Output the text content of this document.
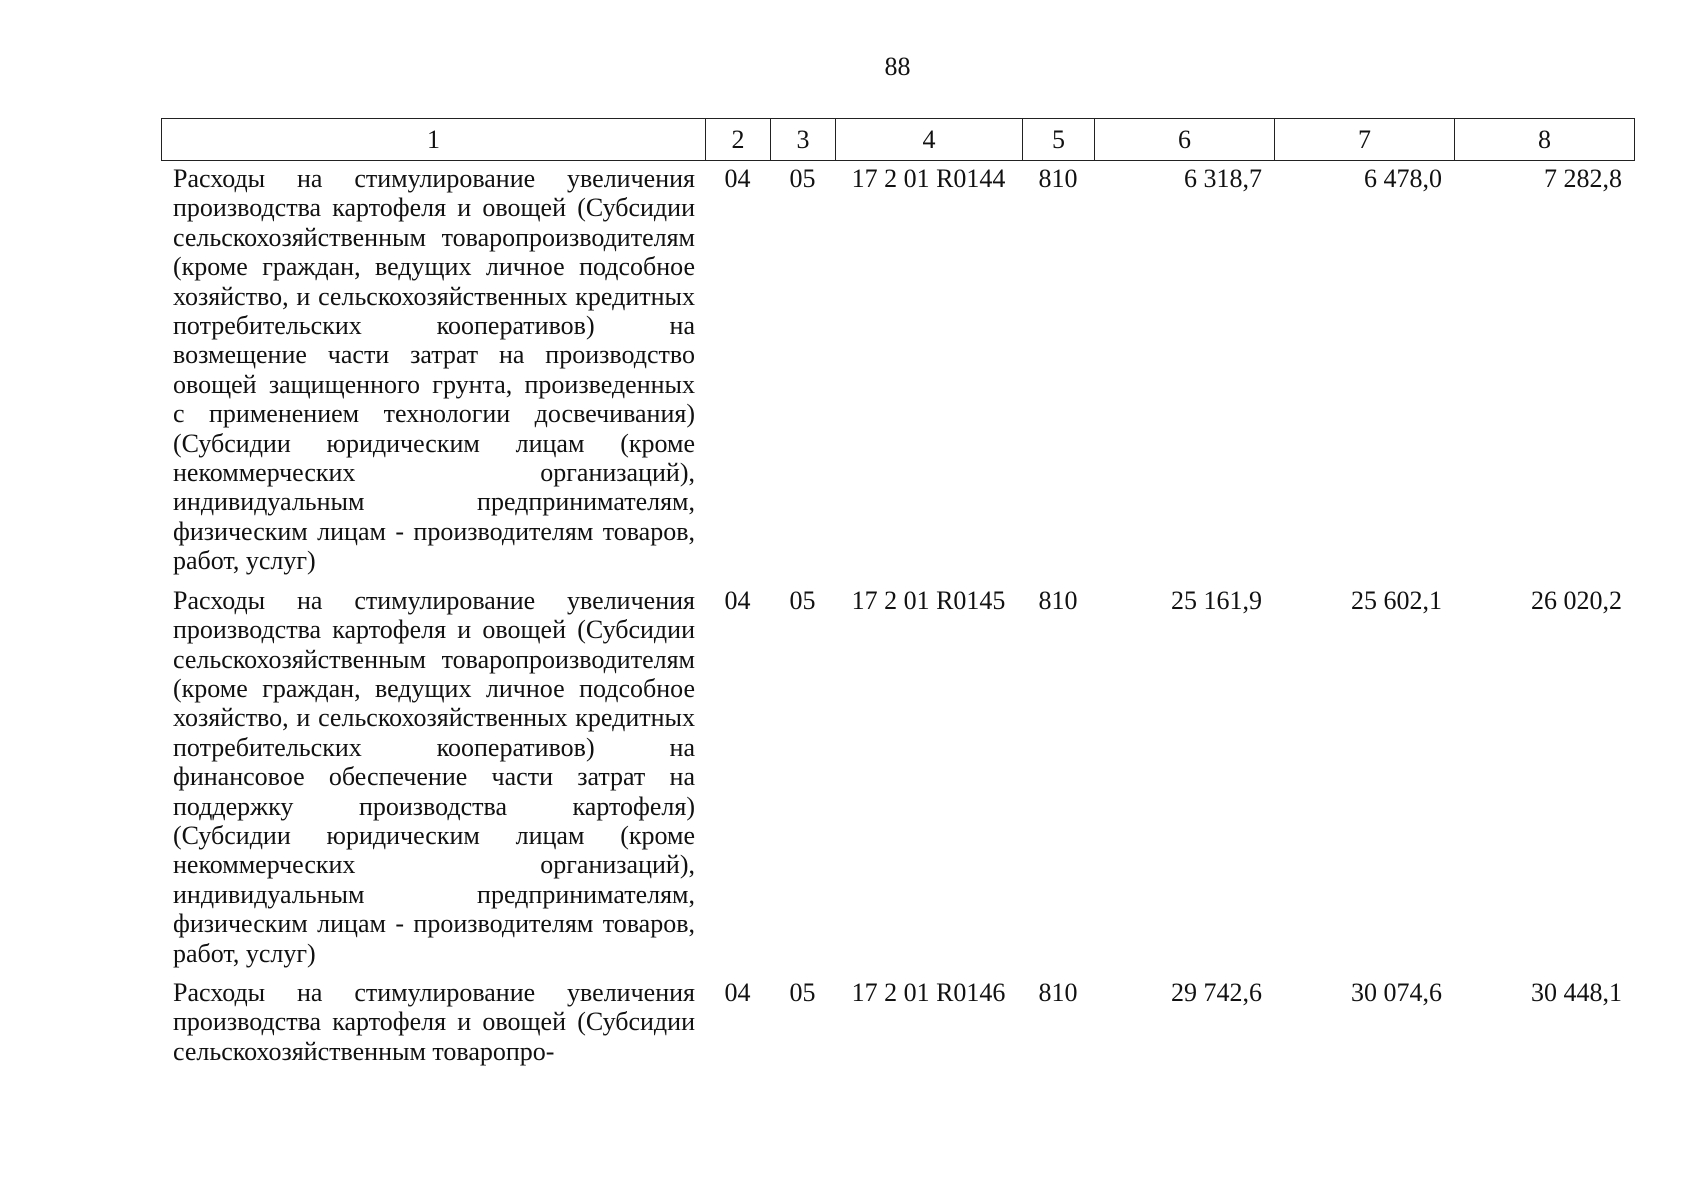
88
1	2	3	4	5	6	7	8
Расходы на стимулирование увеличения производства картофеля и овощей (Субсидии сельскохозяйственным товаропроизводителям (кроме граждан, ведущих личное подсобное хозяйство, и сельскохозяйственных кредитных потребительских кооперативов) на возмещение части затрат на производство овощей защищенного грунта, произведенных с применением технологии досвечивания) (Субсидии юридическим лицам (кроме некоммерческих организаций), индивидуальным предпринимателям, физическим лицам - производителям товаров, работ, услуг)	04	05	17 2 01 R0144	810	6 318,7	6 478,0	7 282,8
Расходы на стимулирование увеличения производства картофеля и овощей (Субсидии сельскохозяйственным товаропроизводителям (кроме граждан, ведущих личное подсобное хозяйство, и сельскохозяйственных кредитных потребительских кооперативов) на финансовое обеспечение части затрат на поддержку производства картофеля) (Субсидии юридическим лицам (кроме некоммерческих организаций), индивидуальным предпринимателям, физическим лицам - производителям товаров, работ, услуг)	04	05	17 2 01 R0145	810	25 161,9	25 602,1	26 020,2
Расходы на стимулирование увеличения производства картофеля и овощей (Субсидии сельскохозяйственным товаропро-	04	05	17 2 01 R0146	810	29 742,6	30 074,6	30 448,1
